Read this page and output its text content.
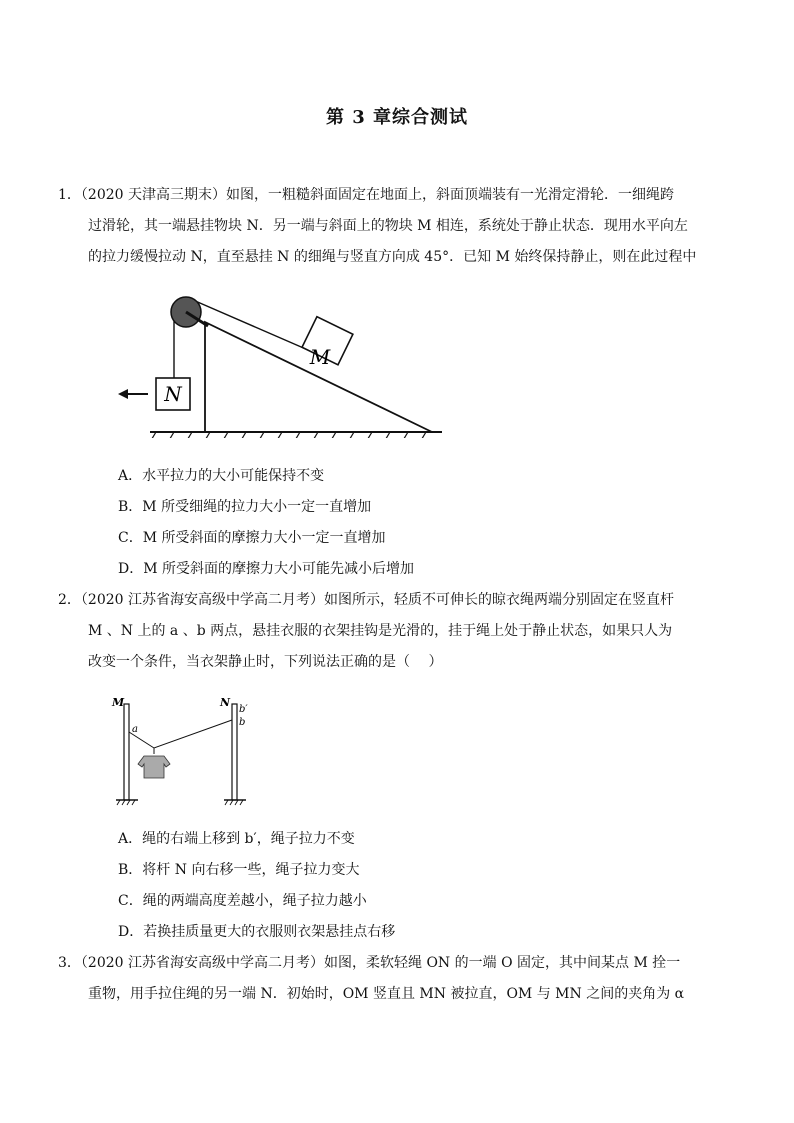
第 3 章综合测试
1．（2020 天津高三期末）如图，一粗糙斜面固定在地面上，斜面顶端装有一光滑定滑轮．一细绳跨
过滑轮，其一端悬挂物块 N．另一端与斜面上的物块 M 相连，系统处于静止状态．现用水平向左
的拉力缓慢拉动 N，直至悬挂 N 的细绳与竖直方向成 45°．已知 M 始终保持静止，则在此过程中
M
N
A．水平拉力的大小可能保持不变
B．M 所受细绳的拉力大小一定一直增加
C．M 所受斜面的摩擦力大小一定一直增加
D．M 所受斜面的摩擦力大小可能先减小后增加
2．（2020 江苏省海安高级中学高二月考）如图所示，轻质不可伸长的晾衣绳两端分别固定在竖直杆
M 、N 上的 a 、b 两点，悬挂衣服的衣架挂钩是光滑的，挂于绳上处于静止状态，如果只人为
改变一个条件，当衣架静止时，下列说法正确的是（　 ）
M	N
a
b′
b
A．绳的右端上移到 b′，绳子拉力不变
B．将杆 N 向右移一些，绳子拉力变大
C．绳的两端高度差越小，绳子拉力越小
D．若换挂质量更大的衣服则衣架悬挂点右移
3．（2020 江苏省海安高级中学高二月考）如图，柔软轻绳 ON 的一端 O 固定，其中间某点 M 拴一
重物，用手拉住绳的另一端 N．初始时，OM 竖直且 MN 被拉直，OM 与 MN 之间的夹角为 α
